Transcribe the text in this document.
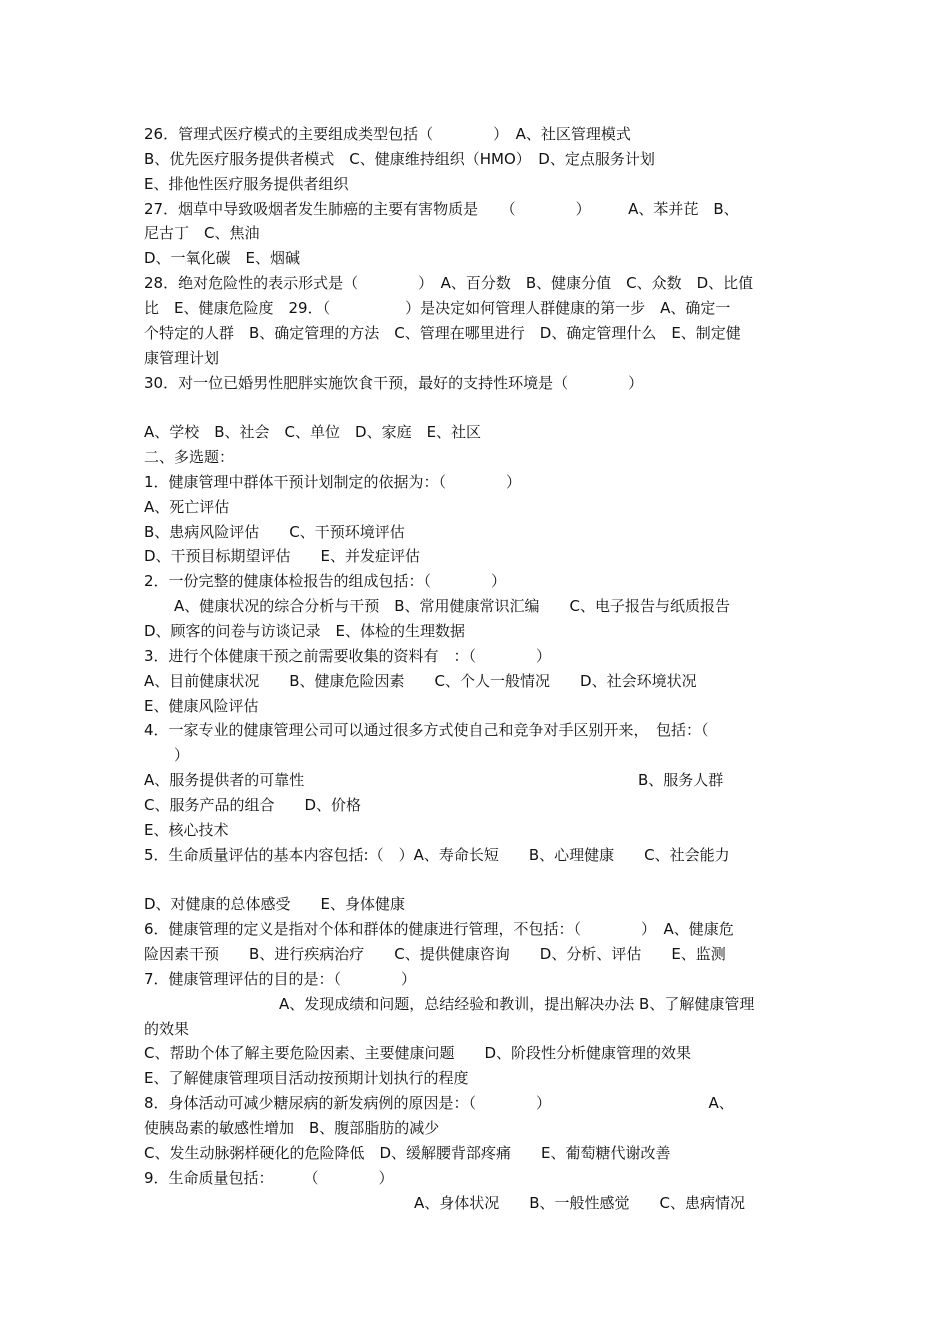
26．管理式医疗模式的主要组成类型包括（　　　　）　A、社区管理模式
B、优先医疗服务提供者模式　C、健康维持组织（HMO）　D、定点服务计划
E、排他性医疗服务提供者组织
27．烟草中导致吸烟者发生肺癌的主要有害物质是　　（　　　　）　　　A、苯并芘　B、
尼古丁　C、焦油
D、一氧化碳　E、烟碱
28．绝对危险性的表示形式是（　　　　）　A、百分数　B、健康分值　C、众数　D、比值
比　E、健康危险度　29．（　　　　　）是决定如何管理人群健康的第一步　A、确定一
个特定的人群　B、确定管理的方法　C、管理在哪里进行　D、确定管理什么　E、制定健
康管理计划
30．对一位已婚男性肥胖实施饮食干预，最好的支持性环境是（　　　　）
A、学校　B、社会　C、单位　D、家庭　E、社区
二、多选题：
1．健康管理中群体干预计划制定的依据为：（　　　　）
A、死亡评估
B、患病风险评估　　C、干预环境评估
D、干预目标期望评估　　E、并发症评估
2．一份完整的健康体检报告的组成包括：（　　　　）
　　A、健康状况的综合分析与干预　B、常用健康常识汇编　　C、电子报告与纸质报告
D、顾客的问卷与访谈记录　E、体检的生理数据
3．进行个体健康干预之前需要收集的资料有　：（　　　　）
A、目前健康状况　　B、健康危险因素　　C、个人一般情况　　D、社会环境状况
E、健康风险评估
4．一家专业的健康管理公司可以通过很多方式使自己和竞争对手区别开来，　包括：（
　　）
A、服务提供者的可靠性
C、服务产品的组合　　D、价格
E、核心技术
5．生命质量评估的基本内容包括:（　）A、寿命长短　　B、心理健康　　C、社会能力
D、对健康的总体感受　　E、身体健康
6．健康管理的定义是指对个体和群体的健康进行管理，不包括：（　　　　）　A、健康危
险因素干预　　B、进行疾病治疗　　C、提供健康咨询　　D、分析、评估　　E、监测
7．健康管理评估的目的是：（　　　　）
　　　　　　　　　A、发现成绩和问题，总结经验和教训，提出解决办法 B、了解健康管理
的效果
C、帮助个体了解主要危险因素、主要健康问题　　D、阶段性分析健康管理的效果
E、了解健康管理项目活动按预期计划执行的程度
8．身体活动可减少糖尿病的新发病例的原因是：（　　　　）　　　　　　　　　　　A、
使胰岛素的敏感性增加　B、腹部脂肪的减少
C、发生动脉粥样硬化的危险降低　D、缓解腰背部疼痛　　E、葡萄糖代谢改善
9．生命质量包括：　　　（　　　　）
　　　　　　　　　　　　　　　　　　A、身体状况　　B、一般性感觉　　C、患病情况
B、服务人群
